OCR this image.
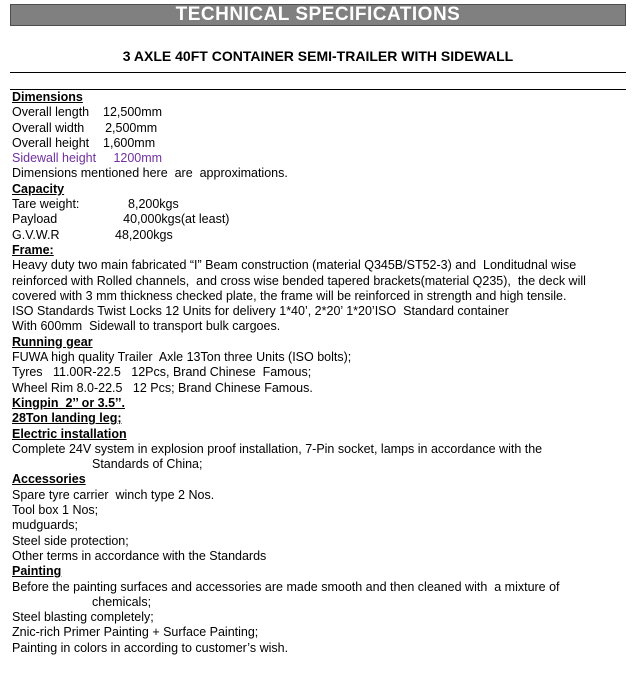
TECHNICAL SPECIFICATIONS
3 AXLE 40FT CONTAINER SEMI-TRAILER WITH SIDEWALL
Dimensions
Overall length    12,500mm
Overall width      2,500mm
Overall height    1,600mm
Sidewall height     1200mm
Dimensions mentioned here  are  approximations.
Capacity
Tare weight:              8,200kgs
Payload                   40,000kgs(at least)
G.V.W.R                48,200kgs
Frame:
Heavy duty two main fabricated “I” Beam construction (material Q345B/ST52-3) and  Londitudnal wise
reinforced with Rolled channels,  and cross wise bended tapered brackets(material Q235),  the deck will
covered with 3 mm thickness checked plate, the frame will be reinforced in strength and high tensile.
ISO Standards Twist Locks 12 Units for delivery 1*40’, 2*20’ 1*20’ISO  Standard container
With 600mm  Sidewall to transport bulk cargoes.
Running gear
FUWA high quality Trailer  Axle 13Ton three Units (ISO bolts);
Tyres   11.00R-22.5   12Pcs, Brand Chinese  Famous;
Wheel Rim 8.0-22.5   12 Pcs; Brand Chinese Famous.
Kingpin  2’’ or 3.5’’.
28Ton landing leg;
Electric installation
Complete 24V system in explosion proof installation, 7-Pin socket, lamps in accordance with the
Standards of China;
Accessories
Spare tyre carrier  winch type 2 Nos.
Tool box 1 Nos;
mudguards;
Steel side protection;
Other terms in accordance with the Standards
Painting
Before the painting surfaces and accessories are made smooth and then cleaned with  a mixture of
chemicals;
Steel blasting completely;
Znic-rich Primer Painting + Surface Painting;
Painting in colors in according to customer’s wish.
